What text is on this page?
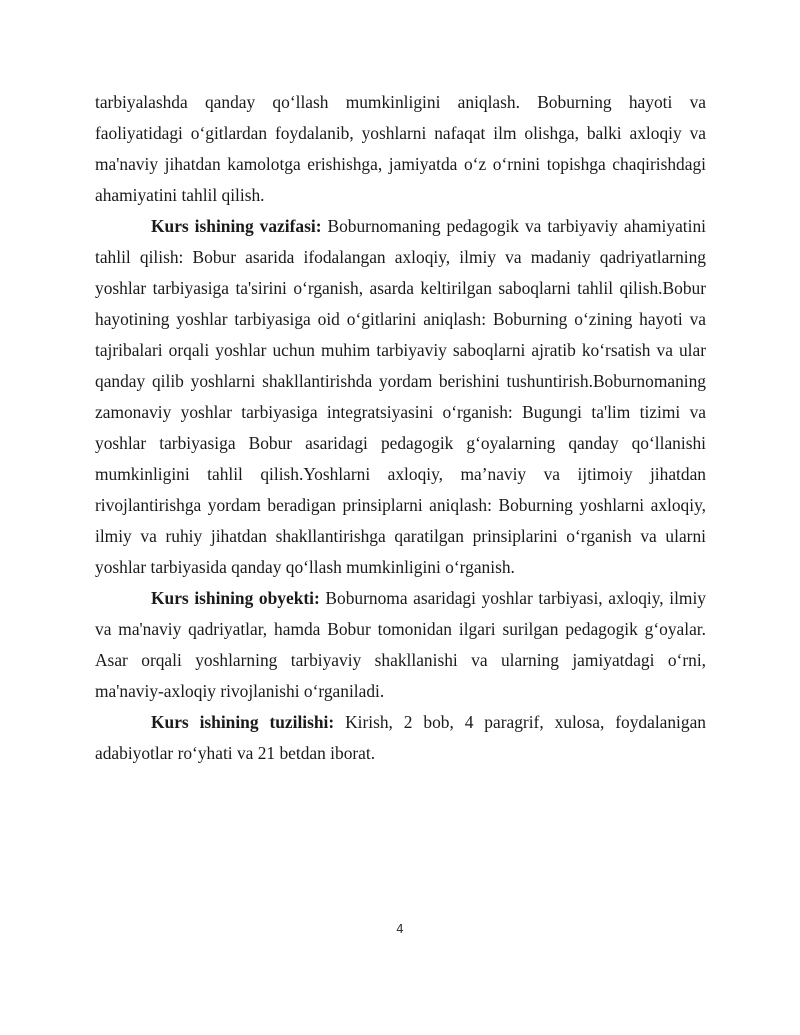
tarbiyalashda qanday qo‘llash mumkinligini aniqlash. Boburning hayoti va faoliyatidagi o‘gitlardan foydalanib, yoshlarni nafaqat ilm olishga, balki axloqiy va ma'naviy jihatdan kamolotga erishishga, jamiyatda o‘z o‘rnini topishga chaqirishdagi ahamiyatini tahlil qilish.

Kurs ishining vazifasi: Boburnomaning pedagogik va tarbiyaviy ahamiyatini tahlil qilish: Bobur asarida ifodalangan axloqiy, ilmiy va madaniy qadriyatlarning yoshlar tarbiyasiga ta'sirini o‘rganish, asarda keltirilgan saboqlarni tahlil qilish.Bobur hayotining yoshlar tarbiyasiga oid o‘gitlarini aniqlash: Boburning o‘zining hayoti va tajribalari orqali yoshlar uchun muhim tarbiyaviy saboqlarni ajratib ko‘rsatish va ular qanday qilib yoshlarni shakllantirishda yordam berishini tushuntirish.Boburnomaning zamonaviy yoshlar tarbiyasiga integratsiyasini o‘rganish: Bugungi ta'lim tizimi va yoshlar tarbiyasiga Bobur asaridagi pedagogik g‘oyalarning qanday qo‘llanishi mumkinligini tahlil qilish.Yoshlarni axloqiy, ma’naviy va ijtimoiy jihatdan rivojlantirishga yordam beradigan prinsiplarni aniqlash: Boburning yoshlarni axloqiy, ilmiy va ruhiy jihatdan shakllantirishga qaratilgan prinsiplarini o‘rganish va ularni yoshlar tarbiyasida qanday qo‘llash mumkinligini o‘rganish.

Kurs ishining obyekti: Boburnoma asaridagi yoshlar tarbiyasi, axloqiy, ilmiy va ma'naviy qadriyatlar, hamda Bobur tomonidan ilgari surilgan pedagogik g‘oyalar. Asar orqali yoshlarning tarbiyaviy shakllanishi va ularning jamiyatdagi o‘rni, ma'naviy-axloqiy rivojlanishi o‘rganiladi.

Kurs ishining tuzilishi: Kirish, 2 bob, 4 paragrif, xulosa, foydalanigan adabiyotlar ro‘yhati va 21 betdan iborat.

4
